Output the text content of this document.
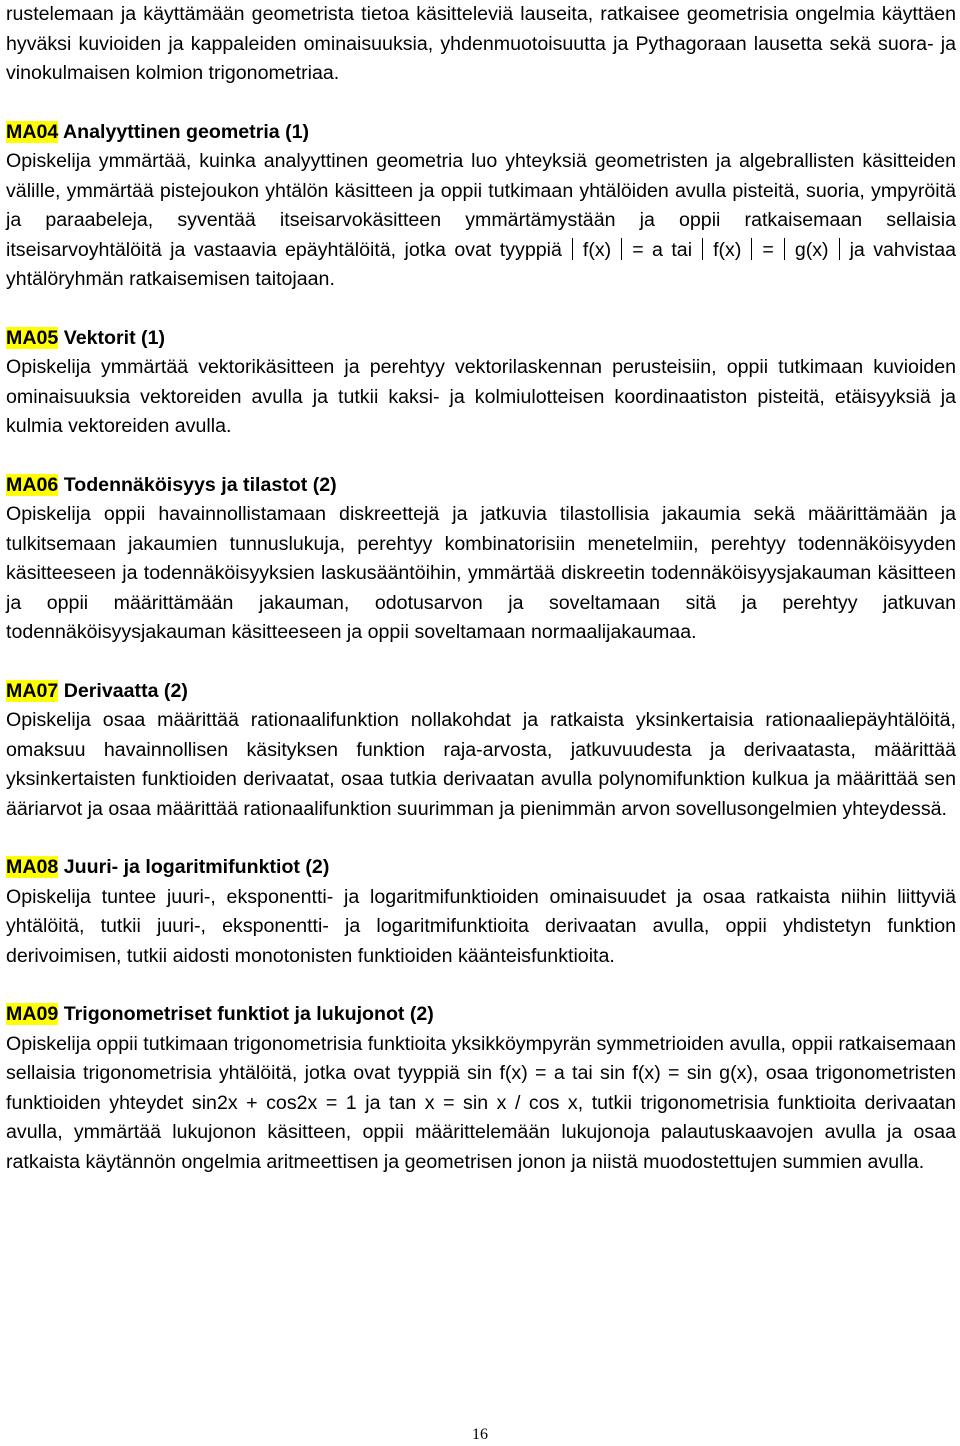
rustelemaan ja käyttämään geometrista tietoa käsitteleviä lauseita, ratkaisee geometrisia ongelmia käyttäen hyväksi kuvioiden ja kappaleiden ominaisuuksia, yhdenmuotoisuutta ja Pythagoraan lausetta sekä suora- ja vinokulmaisen kolmion trigonometriaa.

MA04 Analyyttinen geometria (1)

Opiskelija ymmärtää, kuinka analyyttinen geometria luo yhteyksiä geometristen ja algebrallisten käsitteiden välille, ymmärtää pistejoukon yhtälön käsitteen ja oppii tutkimaan yhtälöiden avulla pisteitä, suoria, ympyröitä ja paraabeleja, syventää itseisarvokäsitteen ymmärtämystään ja oppii ratkaisemaan sellaisia itseisarvoyhtälöitä ja vastaavia epäyhtälöitä, jotka ovat tyyppiä f(x) = a tai f(x) = g(x) ja vahvistaa yhtälöryhmän ratkaisemisen taitojaan.

MA05 Vektorit (1)

Opiskelija ymmärtää vektorikäsitteen ja perehtyy vektorilaskennan perusteisiin, oppii tutkimaan kuvioiden ominaisuuksia vektoreiden avulla ja tutkii kaksi- ja kolmiulotteisen koordinaatiston pisteitä, etäisyyksiä ja kulmia vektoreiden avulla.

MA06 Todennäköisyys ja tilastot (2)

Opiskelija oppii havainnollistamaan diskreettejä ja jatkuvia tilastollisia jakaumia sekä määrittämään ja tulkitsemaan jakaumien tunnuslukuja, perehtyy kombinatorisiin menetelmiin, perehtyy todennäköisyyden käsitteeseen ja todennäköisyyksien laskusääntöihin, ymmärtää diskreetin todennäköisyysjakauman käsitteen ja oppii määrittämään jakauman, odotusarvon ja soveltamaan sitä ja perehtyy jatkuvan todennäköisyysjakauman käsitteeseen ja oppii soveltamaan normaalijakaumaa.

MA07 Derivaatta (2)

Opiskelija osaa määrittää rationaalifunktion nollakohdat ja ratkaista yksinkertaisia rationaaliepäyhtälöitä, omaksuu havainnollisen käsityksen funktion raja-arvosta, jatkuvuudesta ja derivaatasta, määrittää yksinkertaisten funktioiden derivaatat, osaa tutkia derivaatan avulla polynomifunktion kulkua ja määrittää sen ääriarvot ja osaa määrittää rationaalifunktion suurimman ja pienimmän arvon sovellusongelmien yhteydessä.

MA08 Juuri- ja logaritmifunktiot (2)

Opiskelija tuntee juuri-, eksponentti- ja logaritmifunktioiden ominaisuudet ja osaa ratkaista niihin liittyviä yhtälöitä, tutkii juuri-, eksponentti- ja logaritmifunktioita derivaatan avulla, oppii yhdistetyn funktion derivoimisen, tutkii aidosti monotonisten funktioiden käänteisfunktioita.

MA09 Trigonometriset funktiot ja lukujonot (2)

Opiskelija oppii tutkimaan trigonometrisia funktioita yksikköympyrän symmetrioiden avulla, oppii ratkaisemaan sellaisia trigonometrisia yhtälöitä, jotka ovat tyyppiä sin f(x) = a tai sin f(x) = sin g(x), osaa trigonometristen funktioiden yhteydet sin2x + cos2x = 1 ja tan x = sin x / cos x, tutkii trigonometrisia funktioita derivaatan avulla, ymmärtää lukujonon käsitteen, oppii määrittelemään lukujonoja palautuskaavojen avulla ja osaa ratkaista käytännön ongelmia aritmeettisen ja geometrisen jonon ja niistä muodostettujen summien avulla.

16
